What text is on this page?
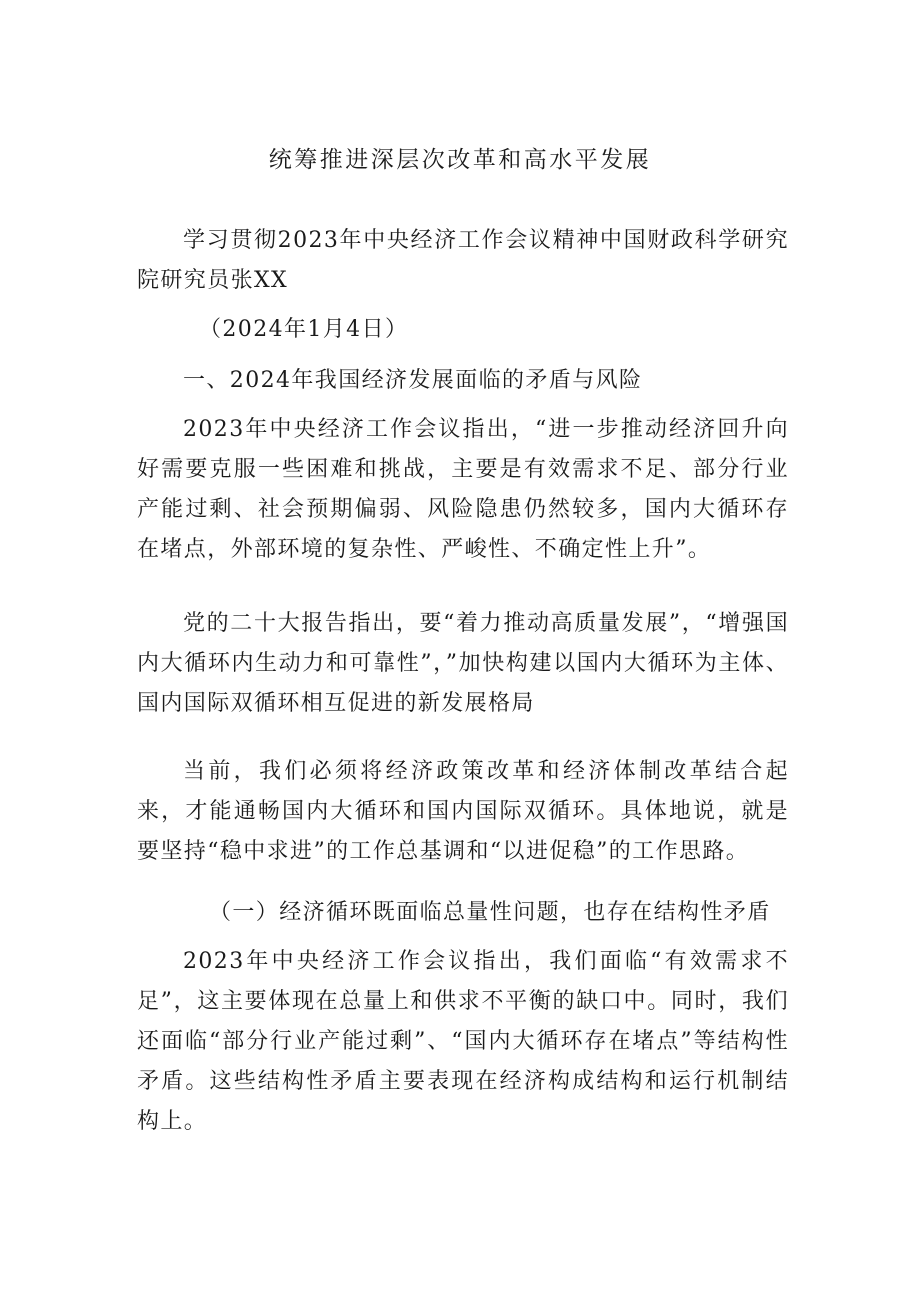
统筹推进深层次改革和高水平发展
学习贯彻2023年中央经济工作会议精神中国财政科学研究院研究员张XX
（2024年1月4日）
一、2024年我国经济发展面临的矛盾与风险
2023年中央经济工作会议指出，“进一步推动经济回升向好需要克服一些困难和挑战，主要是有效需求不足、部分行业产能过剩、社会预期偏弱、风险隐患仍然较多，国内大循环存在堵点，外部环境的复杂性、严峻性、不确定性上升”。
党的二十大报告指出，要“着力推动高质量发展”，“增强国内大循环内生动力和可靠性”，”加快构建以国内大循环为主体、国内国际双循环相互促进的新发展格局
当前，我们必须将经济政策改革和经济体制改革结合起来，才能通畅国内大循环和国内国际双循环。具体地说，就是要坚持“稳中求进”的工作总基调和“以进促稳”的工作思路。
（一）经济循环既面临总量性问题，也存在结构性矛盾
2023年中央经济工作会议指出，我们面临“有效需求不足”，这主要体现在总量上和供求不平衡的缺口中。同时，我们还面临“部分行业产能过剩”、“国内大循环存在堵点”等结构性矛盾。这些结构性矛盾主要表现在经济构成结构和运行机制结构上。
